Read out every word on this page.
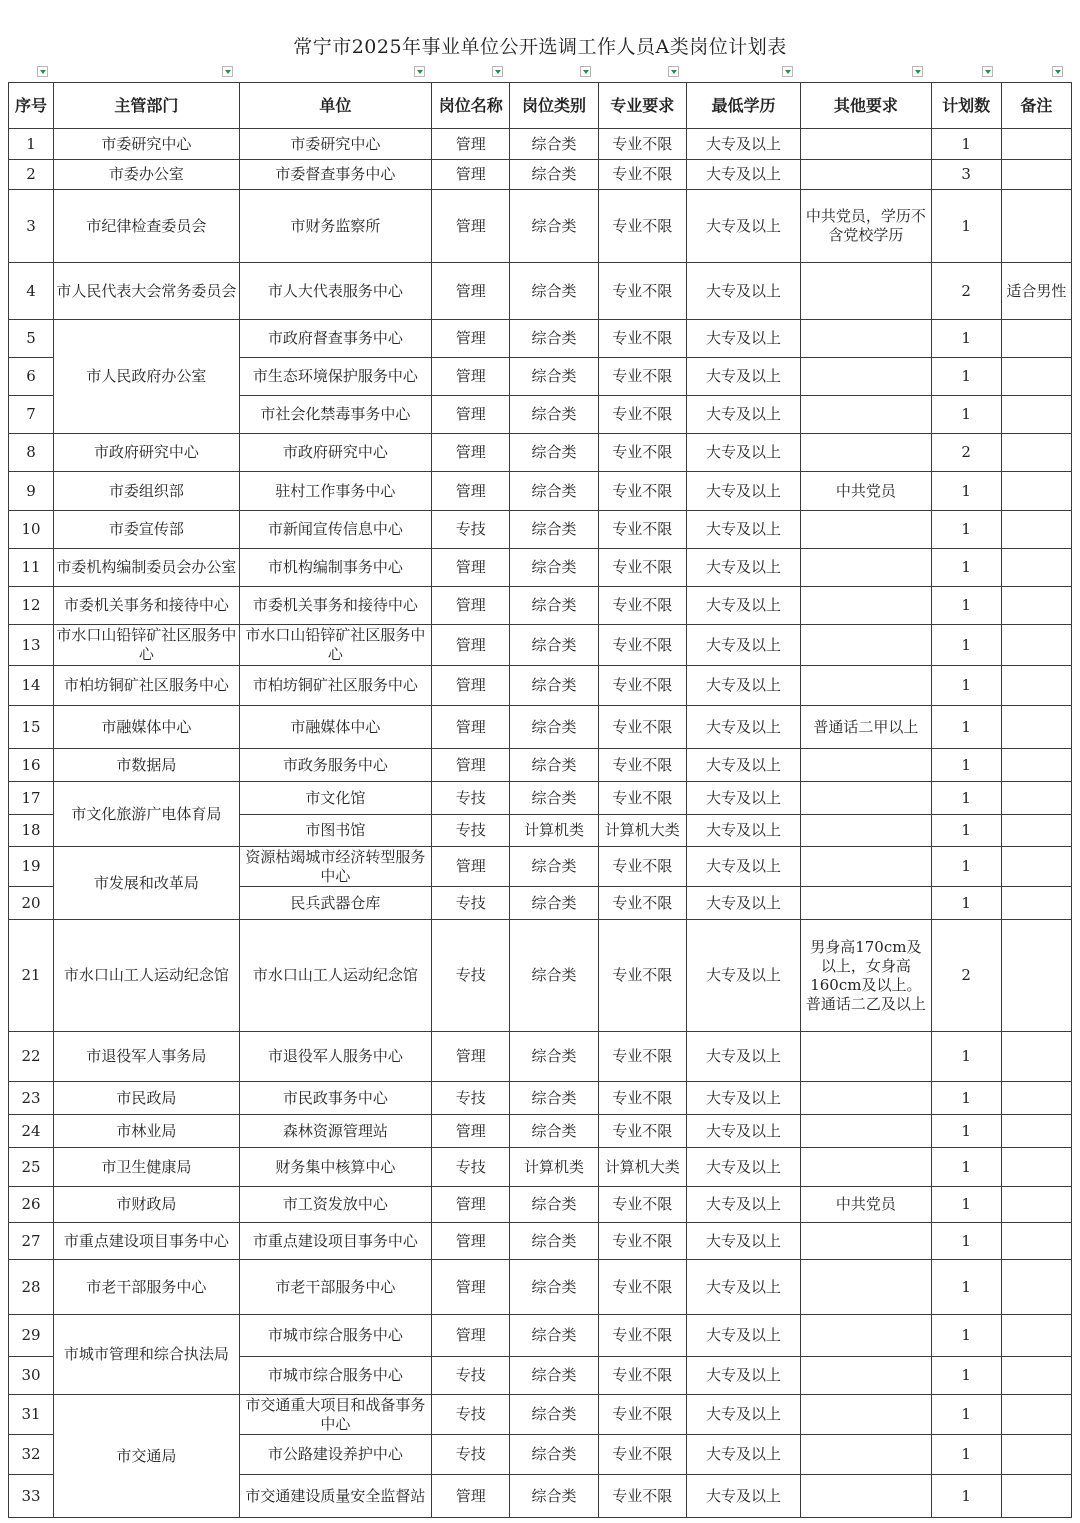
常宁市2025年事业单位公开选调工作人员A类岗位计划表
序号	主管部门	单位	岗位名称	岗位类别	专业要求	最低学历	其他要求	计划数	备注
1	市委研究中心	市委研究中心	管理	综合类	专业不限	大专及以上		1	
2	市委办公室	市委督查事务中心	管理	综合类	专业不限	大专及以上		3	
3	市纪律检查委员会	市财务监察所	管理	综合类	专业不限	大专及以上	中共党员，学历不含党校学历	1	
4	市人民代表大会常务委员会	市人大代表服务中心	管理	综合类	专业不限	大专及以上		2	适合男性
5	市人民政府办公室	市政府督查事务中心	管理	综合类	专业不限	大专及以上		1	
6		市生态环境保护服务中心	管理	综合类	专业不限	大专及以上		1	
7		市社会化禁毒事务中心	管理	综合类	专业不限	大专及以上		1	
8	市政府研究中心	市政府研究中心	管理	综合类	专业不限	大专及以上		2	
9	市委组织部	驻村工作事务中心	管理	综合类	专业不限	大专及以上	中共党员	1	
10	市委宣传部	市新闻宣传信息中心	专技	综合类	专业不限	大专及以上		1	
11	市委机构编制委员会办公室	市机构编制事务中心	管理	综合类	专业不限	大专及以上		1	
12	市委机关事务和接待中心	市委机关事务和接待中心	管理	综合类	专业不限	大专及以上		1	
13	市水口山铅锌矿社区服务中心	市水口山铅锌矿社区服务中心	管理	综合类	专业不限	大专及以上		1	
14	市柏坊铜矿社区服务中心	市柏坊铜矿社区服务中心	管理	综合类	专业不限	大专及以上		1	
15	市融媒体中心	市融媒体中心	管理	综合类	专业不限	大专及以上	普通话二甲以上	1	
16	市数据局	市政务服务中心	管理	综合类	专业不限	大专及以上		1	
17	市文化旅游广电体育局	市文化馆	专技	综合类	专业不限	大专及以上		1	
18		市图书馆	专技	计算机类	计算机大类	大专及以上		1	
19	市发展和改革局	资源枯竭城市经济转型服务中心	管理	综合类	专业不限	大专及以上		1	
20		民兵武器仓库	专技	综合类	专业不限	大专及以上		1	
21	市水口山工人运动纪念馆	市水口山工人运动纪念馆	专技	综合类	专业不限	大专及以上	男身高170cm及以上，女身高160cm及以上。普通话二乙及以上	2	
22	市退役军人事务局	市退役军人服务中心	管理	综合类	专业不限	大专及以上		1	
23	市民政局	市民政事务中心	专技	综合类	专业不限	大专及以上		1	
24	市林业局	森林资源管理站	管理	综合类	专业不限	大专及以上		1	
25	市卫生健康局	财务集中核算中心	专技	计算机类	计算机大类	大专及以上		1	
26	市财政局	市工资发放中心	管理	综合类	专业不限	大专及以上	中共党员	1	
27	市重点建设项目事务中心	市重点建设项目事务中心	管理	综合类	专业不限	大专及以上		1	
28	市老干部服务中心	市老干部服务中心	管理	综合类	专业不限	大专及以上		1	
29	市城市管理和综合执法局	市城市综合服务中心	管理	综合类	专业不限	大专及以上		1	
30		市城市综合服务中心	专技	综合类	专业不限	大专及以上		1	
31	市交通局	市交通重大项目和战备事务中心	专技	综合类	专业不限	大专及以上		1	
32		市公路建设养护中心	专技	综合类	专业不限	大专及以上		1	
33		市交通建设质量安全监督站	管理	综合类	专业不限	大专及以上		1	
